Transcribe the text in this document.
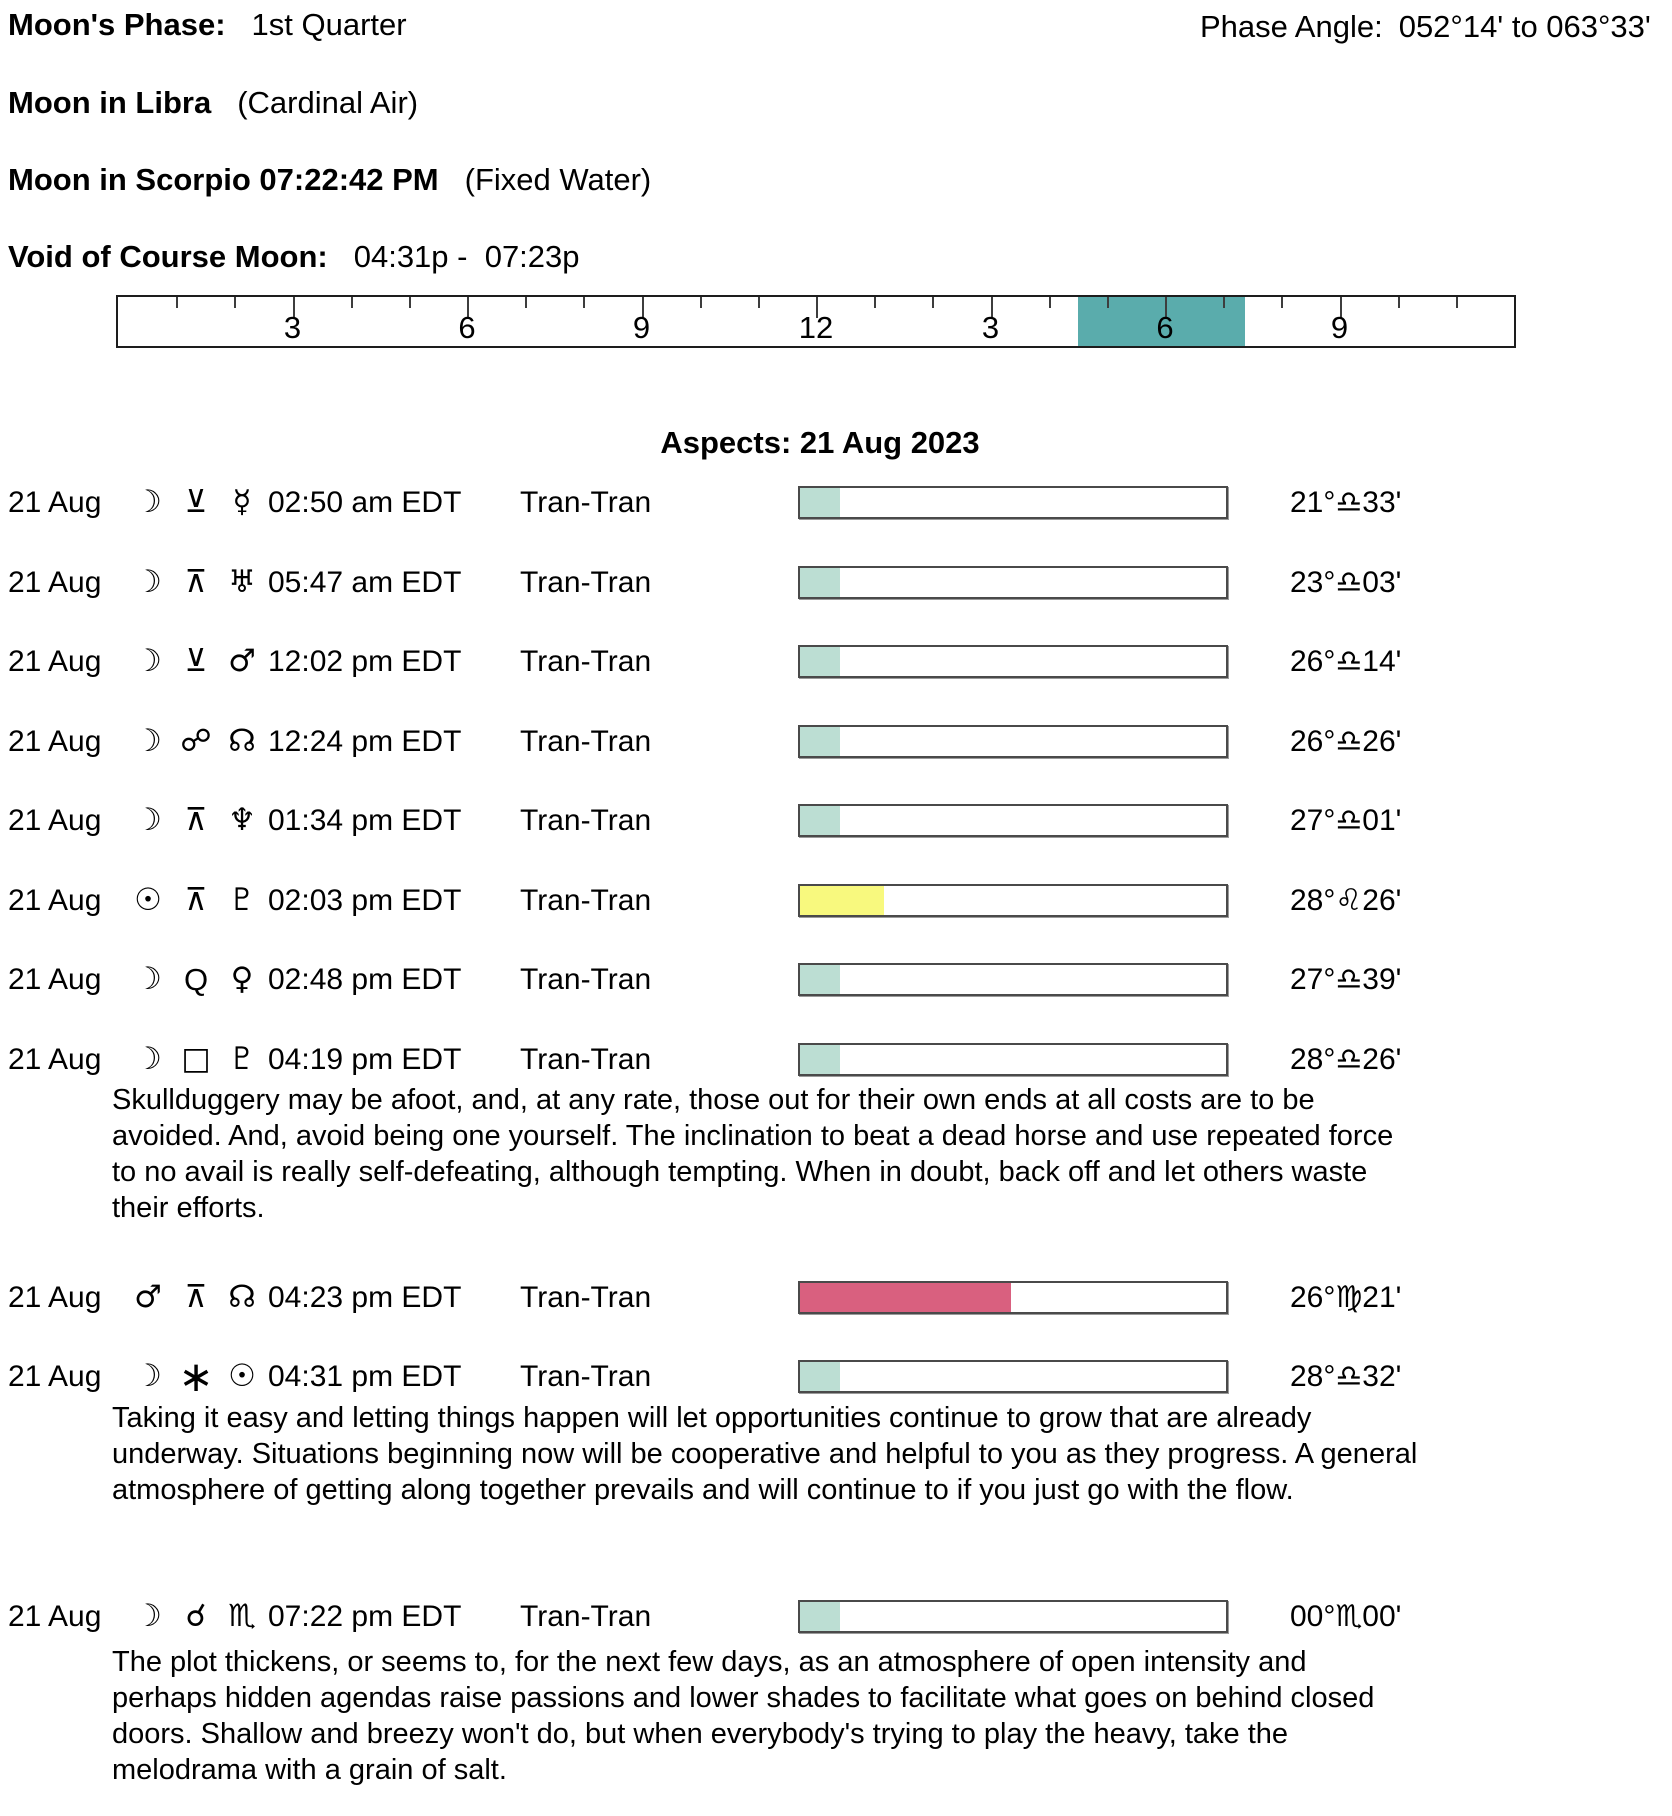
Moon's Phase: 1st Quarter	Phase Angle: 052°14' to 063°33'
Moon in Libra (Cardinal Air)
Moon in Scorpio 07:22:42 PM (Fixed Water)
Void of Course Moon: 04:31p -  07:23p
3	6	9	12	3	6	9
Aspects: 21 Aug 2023
21 Aug	☽ ⊻ ☿ 02:50 am EDT Tran-Tran	21°♎33'
21 Aug	☽ ⊼ ♅ 05:47 am EDT Tran-Tran	23°♎03'
21 Aug	☽ ⊻ ♂ 12:02 pm EDT Tran-Tran	26°♎14'
21 Aug	☽ ☍ ☊ 12:24 pm EDT Tran-Tran	26°♎26'
21 Aug	☽ ⊼ ♆ 01:34 pm EDT Tran-Tran	27°♎01'
21 Aug	☉ ⊼ ♇ 02:03 pm EDT Tran-Tran	28°♌26'
21 Aug	☽ Q ♀ 02:48 pm EDT Tran-Tran	27°♎39'
21 Aug	☽ □ ♇ 04:19 pm EDT Tran-Tran	28°♎26'
Skullduggery may be afoot, and, at any rate, those out for their own ends at all costs are to be avoided. And, avoid being one yourself. The inclination to beat a dead horse and use repeated force to no avail is really self-defeating, although tempting. When in doubt, back off and let others waste their efforts.
21 Aug	♂ ⊼ ☊ 04:23 pm EDT Tran-Tran	26°♍21'
21 Aug	☽ ∗ ☉ 04:31 pm EDT Tran-Tran	28°♎32'
Taking it easy and letting things happen will let opportunities continue to grow that are already underway. Situations beginning now will be cooperative and helpful to you as they progress. A general atmosphere of getting along together prevails and will continue to if you just go with the flow.
21 Aug	☽ ☌ ♏ 07:22 pm EDT Tran-Tran	00°♏00'
The plot thickens, or seems to, for the next few days, as an atmosphere of open intensity and perhaps hidden agendas raise passions and lower shades to facilitate what goes on behind closed doors. Shallow and breezy won't do, but when everybody's trying to play the heavy, take the melodrama with a grain of salt.
